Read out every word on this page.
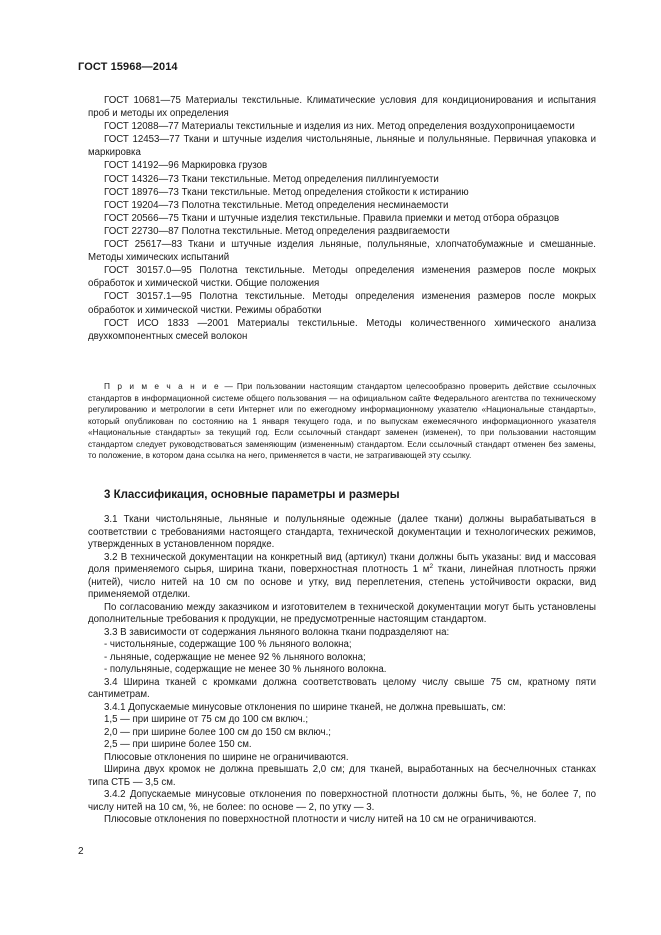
ГОСТ 15968—2014

ГОСТ 10681—75 Материалы текстильные. Климатические условия для кондиционирования и испытания проб и методы их определения

ГОСТ 12088—77 Материалы текстильные и изделия из них. Метод определения воздухопроницаемости

ГОСТ 12453—77 Ткани и штучные изделия чистольняные, льняные и полульняные. Первичная упаковка и маркировка

ГОСТ 14192—96 Маркировка грузов

ГОСТ 14326—73 Ткани текстильные. Метод определения пиллингуемости

ГОСТ 18976—73 Ткани текстильные. Метод определения стойкости к истиранию

ГОСТ 19204—73 Полотна текстильные. Метод определения несминаемости

ГОСТ 20566—75 Ткани и штучные изделия текстильные. Правила приемки и метод отбора образцов

ГОСТ 22730—87 Полотна текстильные. Метод определения раздвигаемости

ГОСТ 25617—83 Ткани и штучные изделия льняные, полульняные, хлопчатобумажные и смешанные. Методы химических испытаний

ГОСТ 30157.0—95 Полотна текстильные. Методы определения изменения размеров после мокрых обработок и химической чистки. Общие положения

ГОСТ 30157.1—95 Полотна текстильные. Методы определения изменения размеров после мокрых обработок и химической чистки. Режимы обработки

ГОСТ ИСО 1833 —2001 Материалы текстильные. Методы количественного химического анализа двухкомпонентных смесей волокон

П р и м е ч а н и е — При пользовании настоящим стандартом целесообразно проверить действие ссылочных стандартов в информационной системе общего пользования — на официальном сайте Федерального агентства по техническому регулированию и метрологии в сети Интернет или по ежегодному информационному указателю «Национальные стандарты», который опубликован по состоянию на 1 января текущего года, и по выпускам ежемесячного информационного указателя «Национальные стандарты» за текущий год. Если ссылочный стандарт заменен (изменен), то при пользовании настоящим стандартом следует руководствоваться заменяющим (измененным) стандартом. Если ссылочный стандарт отменен без замены, то положение, в котором дана ссылка на него, применяется в части, не затрагивающей эту ссылку.
3 Классификация, основные параметры и размеры

3.1 Ткани чистольняные, льняные и полульняные одежные (далее ткани) должны вырабатываться в соответствии с требованиями настоящего стандарта, технической документации и технологических режимов, утвержденных в установленном порядке.

3.2 В технической документации на конкретный вид (артикул) ткани должны быть указаны: вид и массовая доля применяемого сырья, ширина ткани, поверхностная плотность 1 $м^2$ ткани, линейная плотность пряжи (нитей), число нитей на 10 см по основе и утку, вид переплетения, степень устойчивости окраски, вид применяемой отделки.

По согласованию между заказчиком и изготовителем в технической документации могут быть установлены дополнительные требования к продукции, не предусмотренные настоящим стандартом.

3.3 В зависимости от содержания льняного волокна ткани подразделяют на:

- чистольняные, содержащие 100 % льняного волокна;

- льняные, содержащие не менее 92 % льняного волокна;

- полульняные, содержащие не менее 30 % льняного волокна.

3.4 Ширина тканей с кромками должна соответствовать целому числу свыше 75 см, кратному пяти сантиметрам.

3.4.1 Допускаемые минусовые отклонения по ширине тканей, не должна превышать, см:

1,5 — при ширине от 75 см до 100 см включ.;

2,0 — при ширине более 100 см до 150 см включ.;

2,5 — при ширине более 150 см.

Плюсовые отклонения по ширине не ограничиваются.

Ширина двух кромок не должна превышать 2,0 см; для тканей, выработанных на бесчелночных станках типа СТБ — 3,5 см.

3.4.2 Допускаемые минусовые отклонения по поверхностной плотности должны быть, %, не более 7, по числу нитей на 10 см, %, не более: по основе — 2, по утку — 3.

Плюсовые отклонения по поверхностной плотности и числу нитей на 10 см не ограничиваются.

2
